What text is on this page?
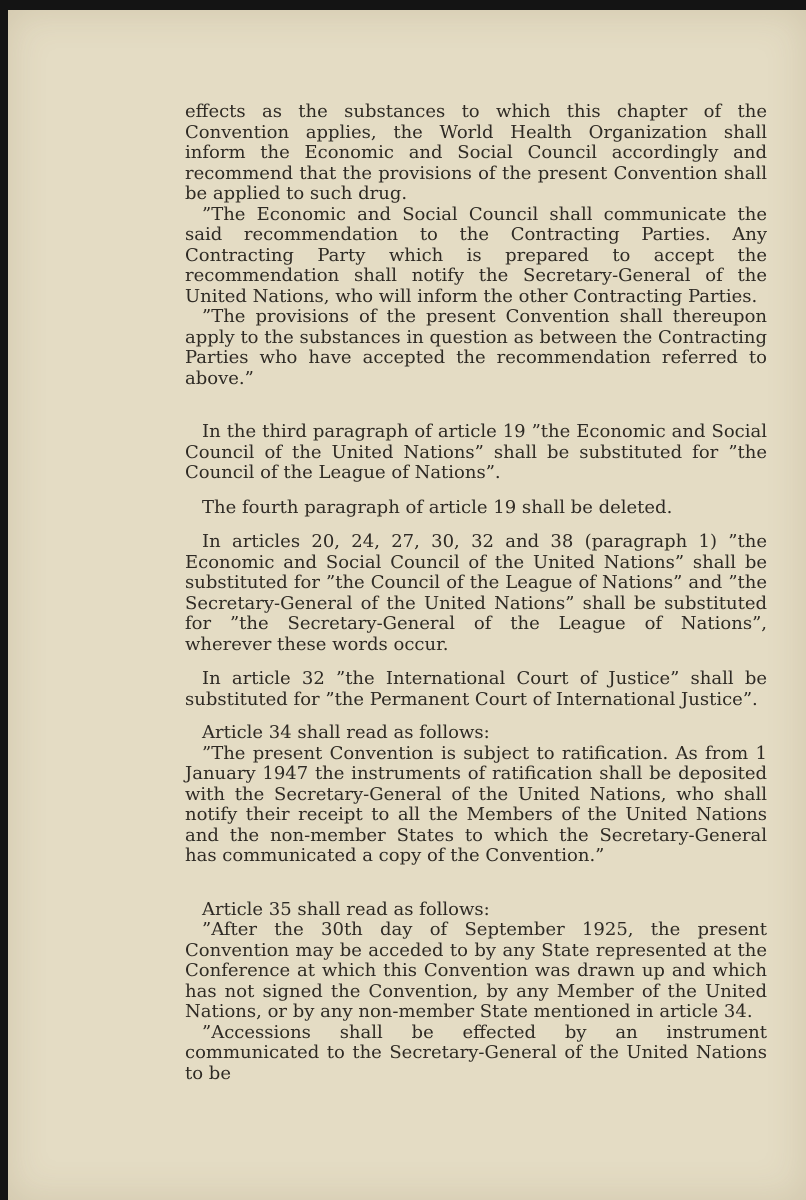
effects as the substances to which this chapter of the Convention applies, the World Health Organization shall inform the Economic and Social Council accordingly and recommend that the provisions of the present Convention shall be applied to such drug.

”The Economic and Social Council shall communicate the said recommendation to the Contracting Parties. Any Contracting Party which is prepared to accept the recommendation shall notify the Secretary-General of the United Nations, who will inform the other Contracting Parties.

”The provisions of the present Convention shall thereupon apply to the substances in question as between the Contracting Parties who have accepted the recommendation referred to above.”

In the third paragraph of article 19 ”the Economic and Social Council of the United Nations” shall be substituted for ”the Council of the League of Nations”.

The fourth paragraph of article 19 shall be deleted.

In articles 20, 24, 27, 30, 32 and 38 (paragraph 1) ”the Economic and Social Council of the United Nations” shall be substituted for ”the Council of the League of Nations” and ”the Secretary-General of the United Nations” shall be substituted for ”the Secretary-General of the League of Nations”, wherever these words occur.

In article 32 ”the International Court of Justice” shall be substituted for ”the Permanent Court of International Justice”.

Article 34 shall read as follows:

”The present Convention is subject to ratification. As from 1 January 1947 the instruments of ratification shall be deposited with the Secretary-General of the United Nations, who shall notify their receipt to all the Members of the United Nations and the non-member States to which the Secretary-General has communicated a copy of the Convention.”

Article 35 shall read as follows:

”After the 30th day of September 1925, the present Convention may be acceded to by any State represented at the Conference at which this Convention was drawn up and which has not signed the Convention, by any Member of the United Nations, or by any non-member State mentioned in article 34.

”Accessions shall be effected by an instrument communicated to the Secretary-General of the United Nations to be
